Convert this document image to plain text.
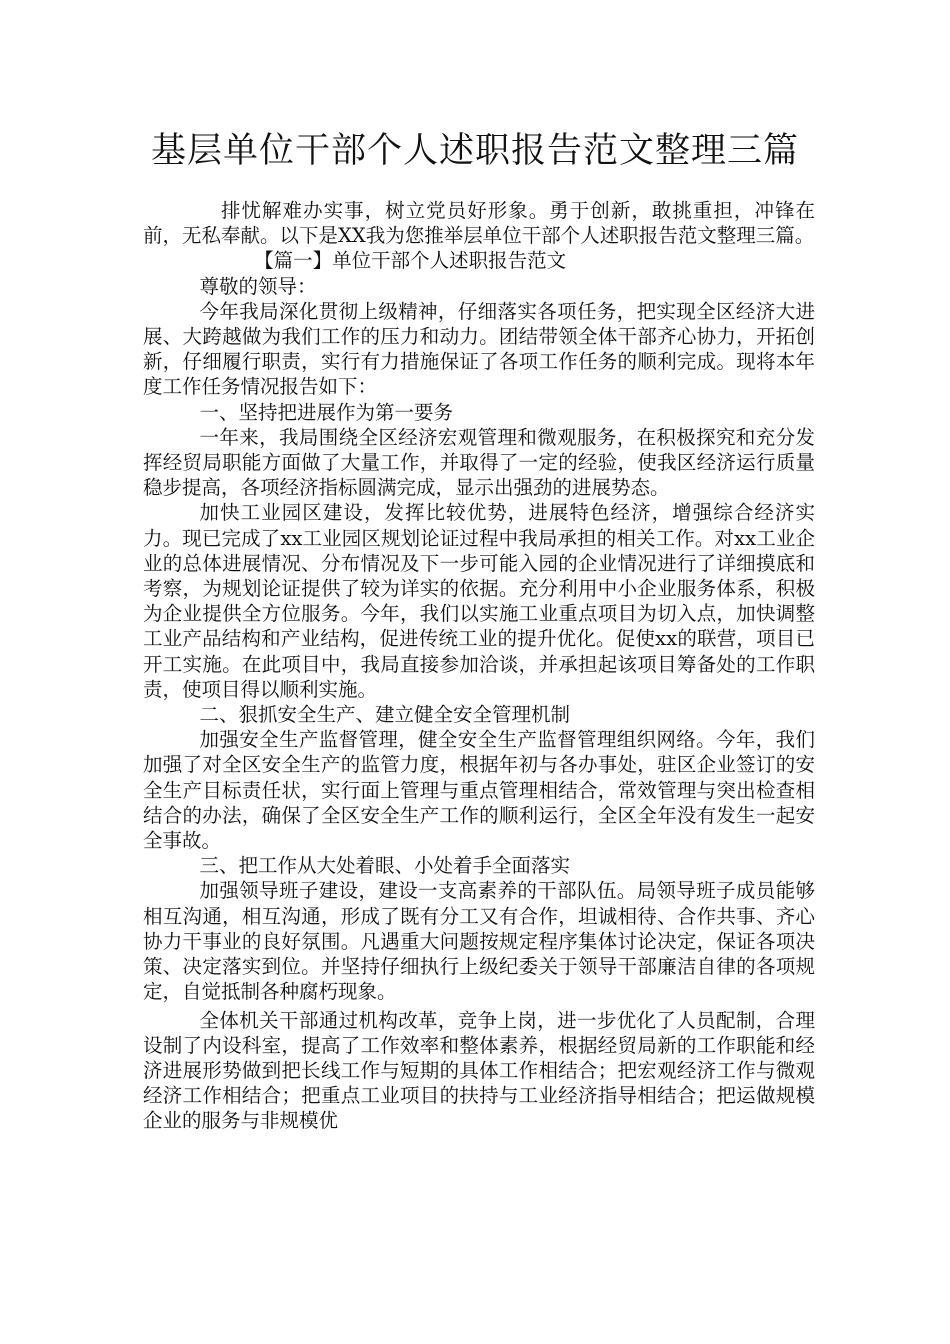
基层单位干部个人述职报告范文整理三篇

排忧解难办实事，树立党员好形象。勇于创新，敢挑重担，冲锋在前，无私奉献。以下是XX我为您推举层单位干部个人述职报告范文整理三篇。

【篇一】单位干部个人述职报告范文

尊敬的领导：

今年我局深化贯彻上级精神，仔细落实各项任务，把实现全区经济大进展、大跨越做为我们工作的压力和动力。团结带领全体干部齐心协力，开拓创新，仔细履行职责，实行有力措施保证了各项工作任务的顺利完成。现将本年度工作任务情况报告如下：

一、坚持把进展作为第一要务

一年来，我局围绕全区经济宏观管理和微观服务，在积极探究和充分发挥经贸局职能方面做了大量工作，并取得了一定的经验，使我区经济运行质量稳步提高，各项经济指标圆满完成，显示出强劲的进展势态。

加快工业园区建设，发挥比较优势，进展特色经济，增强综合经济实力。现已完成了xx工业园区规划论证过程中我局承担的相关工作。对xx工业企业的总体进展情况、分布情况及下一步可能入园的企业情况进行了详细摸底和考察，为规划论证提供了较为详实的依据。充分利用中小企业服务体系，积极为企业提供全方位服务。今年，我们以实施工业重点项目为切入点，加快调整工业产品结构和产业结构，促进传统工业的提升优化。促使xx的联营，项目已开工实施。在此项目中，我局直接参加洽谈，并承担起该项目筹备处的工作职责，使项目得以顺利实施。

二、狠抓安全生产、建立健全安全管理机制

加强安全生产监督管理，健全安全生产监督管理组织网络。今年，我们加强了对全区安全生产的监管力度，根据年初与各办事处，驻区企业签订的安全生产目标责任状，实行面上管理与重点管理相结合，常效管理与突出检查相结合的办法，确保了全区安全生产工作的顺利运行，全区全年没有发生一起安全事故。

三、把工作从大处着眼、小处着手全面落实

加强领导班子建设，建设一支高素养的干部队伍。局领导班子成员能够相互沟通，相互沟通，形成了既有分工又有合作，坦诚相待、合作共事、齐心协力干事业的良好氛围。凡遇重大问题按规定程序集体讨论决定，保证各项决策、决定落实到位。并坚持仔细执行上级纪委关于领导干部廉洁自律的各项规定，自觉抵制各种腐朽现象。

全体机关干部通过机构改革，竞争上岗，进一步优化了人员配制，合理设制了内设科室，提高了工作效率和整体素养，根据经贸局新的工作职能和经济进展形势做到把长线工作与短期的具体工作相结合；把宏观经济工作与微观经济工作相结合；把重点工业项目的扶持与工业经济指导相结合；把运做规模企业的服务与非规模优
